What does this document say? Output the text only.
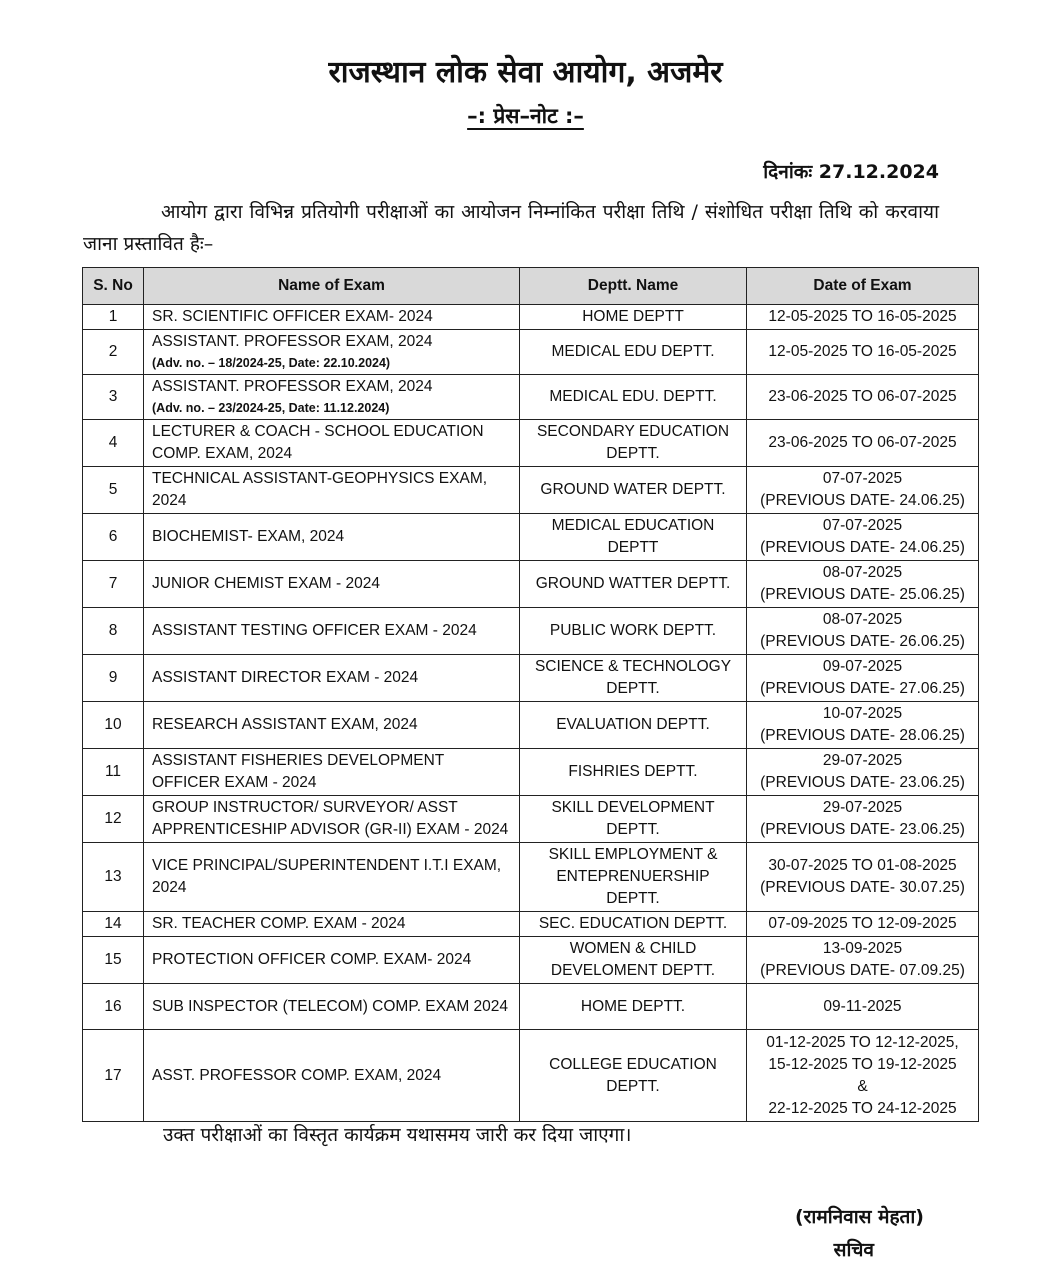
राजस्थान लोक सेवा आयोग, अजमेर
–: प्रेस–नोट :–
दिनांकः 27.12.2024
आयोग द्वारा विभिन्न प्रतियोगी परीक्षाओं का आयोजन निम्नांकित परीक्षा तिथि / संशोधित परीक्षा तिथि को करवाया जाना प्रस्तावित हैः–
S. No	Name of Exam	Deptt. Name	Date of Exam
1	SR. SCIENTIFIC OFFICER EXAM- 2024	HOME DEPTT	12-05-2025 TO 16-05-2025

2	ASSISTANT. PROFESSOR EXAM, 2024
(Adv. no. – 18/2024-25, Date: 22.10.2024)	MEDICAL EDU DEPTT.	12-05-2025 TO 16-05-2025

3	ASSISTANT. PROFESSOR EXAM, 2024
(Adv. no. – 23/2024-25, Date: 11.12.2024)	MEDICAL EDU. DEPTT.	23-06-2025 TO 06-07-2025

4	LECTURER & COACH - SCHOOL EDUCATION COMP. EXAM, 2024	SECONDARY EDUCATION DEPTT.	23-06-2025 TO 06-07-2025

5	TECHNICAL ASSISTANT-GEOPHYSICS EXAM, 2024	GROUND WATER DEPTT.	07-07-2025
(PREVIOUS DATE- 24.06.25)

6	BIOCHEMIST- EXAM, 2024	MEDICAL EDUCATION DEPTT	07-07-2025
(PREVIOUS DATE- 24.06.25)

7	JUNIOR CHEMIST EXAM - 2024	GROUND WATTER DEPTT.	08-07-2025
(PREVIOUS DATE- 25.06.25)

8	ASSISTANT TESTING OFFICER EXAM - 2024	PUBLIC WORK DEPTT.	08-07-2025
(PREVIOUS DATE- 26.06.25)

9	ASSISTANT DIRECTOR EXAM - 2024	SCIENCE & TECHNOLOGY DEPTT.	09-07-2025
(PREVIOUS DATE- 27.06.25)

10	RESEARCH ASSISTANT EXAM, 2024	EVALUATION DEPTT.	10-07-2025
(PREVIOUS DATE- 28.06.25)

11	ASSISTANT FISHERIES DEVELOPMENT OFFICER EXAM - 2024	FISHRIES DEPTT.	29-07-2025
(PREVIOUS DATE- 23.06.25)

12	GROUP INSTRUCTOR/ SURVEYOR/ ASST APPRENTICESHIP ADVISOR (GR-II) EXAM - 2024	SKILL DEVELOPMENT DEPTT.	29-07-2025
(PREVIOUS DATE- 23.06.25)

13	VICE PRINCIPAL/SUPERINTENDENT I.T.I EXAM, 2024	SKILL EMPLOYMENT & ENTEPRENUERSHIP DEPTT.	30-07-2025 TO 01-08-2025
(PREVIOUS DATE- 30.07.25)

14	SR. TEACHER COMP. EXAM - 2024	SEC. EDUCATION DEPTT.	07-09-2025 TO 12-09-2025

15	PROTECTION OFFICER COMP. EXAM- 2024	WOMEN & CHILD DEVELOMENT DEPTT.	13-09-2025
(PREVIOUS DATE- 07.09.25)

16	SUB INSPECTOR (TELECOM) COMP. EXAM 2024	HOME DEPTT.	09-11-2025

17	ASST. PROFESSOR COMP. EXAM, 2024	COLLEGE EDUCATION DEPTT.	01-12-2025 TO 12-12-2025, 15-12-2025 TO 19-12-2025
&
22-12-2025 TO 24-12-2025
उक्त परीक्षाओं का विस्तृत कार्यक्रम यथासमय जारी कर दिया जाएगा।
(रामनिवास मेहता)
सचिव
